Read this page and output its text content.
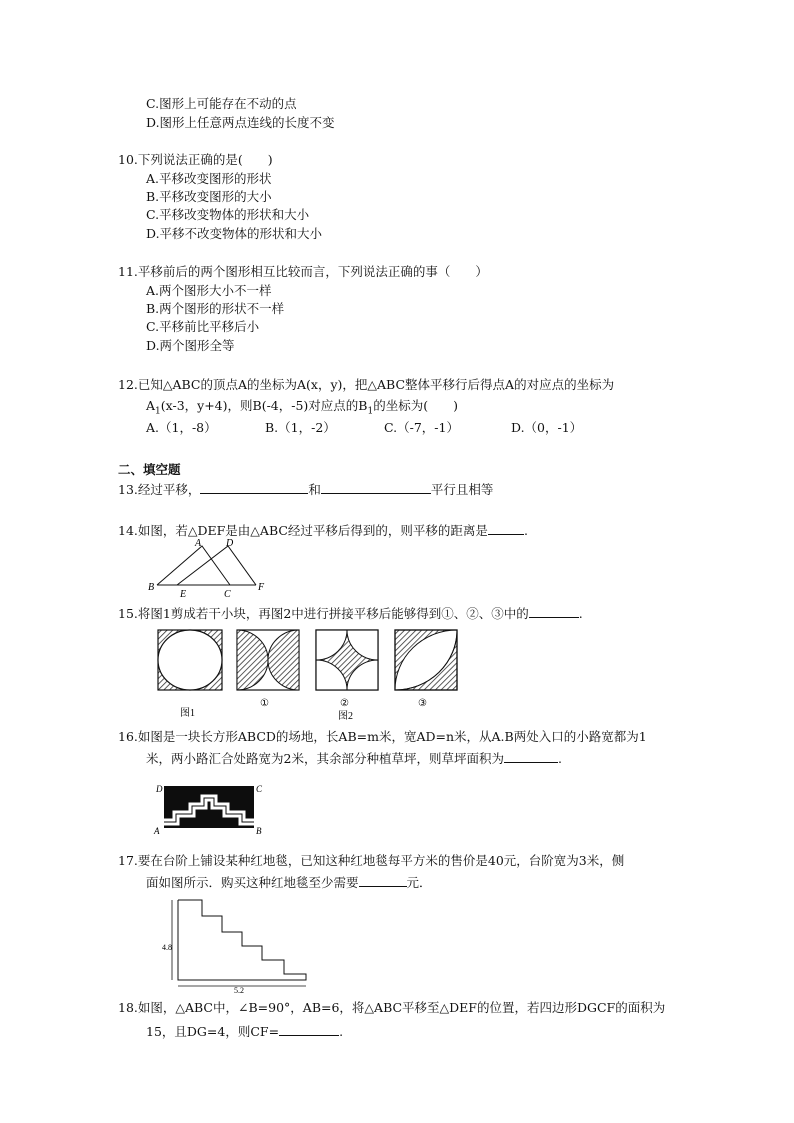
C.图形上可能存在不动的点
D.图形上任意两点连线的长度不变
10.下列说法正确的是(　　)
A.平移改变图形的形状
B.平移改变图形的大小
C.平移改变物体的形状和大小
D.平移不改变物体的形状和大小
11.平移前后的两个图形相互比较而言，下列说法正确的事（　　）
A.两个图形大小不一样
B.两个图形的形状不一样
C.平移前比平移后小
D.两个图形全等
12.已知△ABC的顶点A的坐标为A(x，y)，把△ABC整体平移行后得点A的对应点的坐标为
$A_1(x-3$，y+4)，则B(-4，-5)对应点的$B_1$的坐标为(　　)
A.（1，-8）	B.（1，-2）	C.（-7，-1）	D.（0，-1）
二、填空题
13.经过平移，	和	平行且相等
14.如图，若△DEF是由△ABC经过平移后得到的，则平移的距离是	.
A D
B
E	C
F
15.将图1剪成若干小块，再图2中进行拼接平移后能够得到①、②、③中的	.
图1
①	②	③
图2
16.如图是一块长方形ABCD的场地，长AB=m米，宽AD=n米，从A.B两处入口的小路宽都为1
米，两小路汇合处路宽为2米，其余部分种植草坪，则草坪面积为	.
D	C
A	B
17.要在台阶上铺设某种红地毯，已知这种红地毯每平方米的售价是40元，台阶宽为3米，侧
面如图所示．购买这种红地毯至少需要	元．
4.8
5.2
18.如图，△ABC中，∠B=90°，AB=6，将△ABC平移至△DEF的位置，若四边形DGCF的面积为
15，且DG=4，则CF=	.
